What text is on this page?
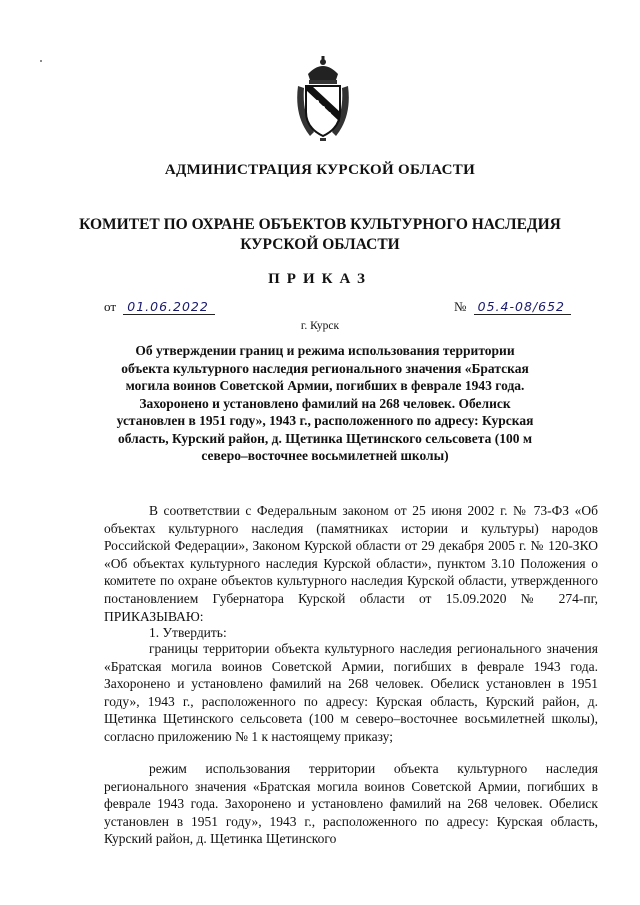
АДМИНИСТРАЦИЯ КУРСКОЙ ОБЛАСТИ
КОМИТЕТ ПО ОХРАНЕ ОБЪЕКТОВ КУЛЬТУРНОГО НАСЛЕДИЯ
КУРСКОЙ ОБЛАСТИ
ПРИКАЗ
от 01.06.2022	№ 05.4-08/652
г. Курск
Об утверждении границ и режима использования территории объекта культурного наследия регионального значения «Братская могила воинов Советской Армии, погибших в феврале 1943 года. Захоронено и установлено фамилий на 268 человек. Обелиск установлен в 1951 году», 1943 г., расположенного по адресу: Курская область, Курский район, д. Щетинка Щетинского сельсовета (100 м северо–восточнее восьмилетней школы)
В соответствии с Федеральным законом от 25 июня 2002 г. № 73-ФЗ «Об объектах культурного наследия (памятниках истории и культуры) народов Российской Федерации», Законом Курской области от 29 декабря 2005 г. № 120-ЗКО «Об объектах культурного наследия Курской области», пунктом 3.10 Положения о комитете по охране объектов культурного наследия Курской области, утвержденного постановлением Губернатора Курской области от 15.09.2020 № 274-пг, ПРИКАЗЫВАЮ:
1. Утвердить:
границы территории объекта культурного наследия регионального значения «Братская могила воинов Советской Армии, погибших в феврале 1943 года. Захоронено и установлено фамилий на 268 человек. Обелиск установлен в 1951 году», 1943 г., расположенного по адресу: Курская область, Курский район, д. Щетинка Щетинского сельсовета (100 м северо–восточнее восьмилетней школы), согласно приложению № 1 к настоящему приказу;
режим использования территории объекта культурного наследия регионального значения «Братская могила воинов Советской Армии, погибших в феврале 1943 года. Захоронено и установлено фамилий на 268 человек. Обелиск установлен в 1951 году», 1943 г., расположенного по адресу: Курская область, Курский район, д. Щетинка Щетинского
